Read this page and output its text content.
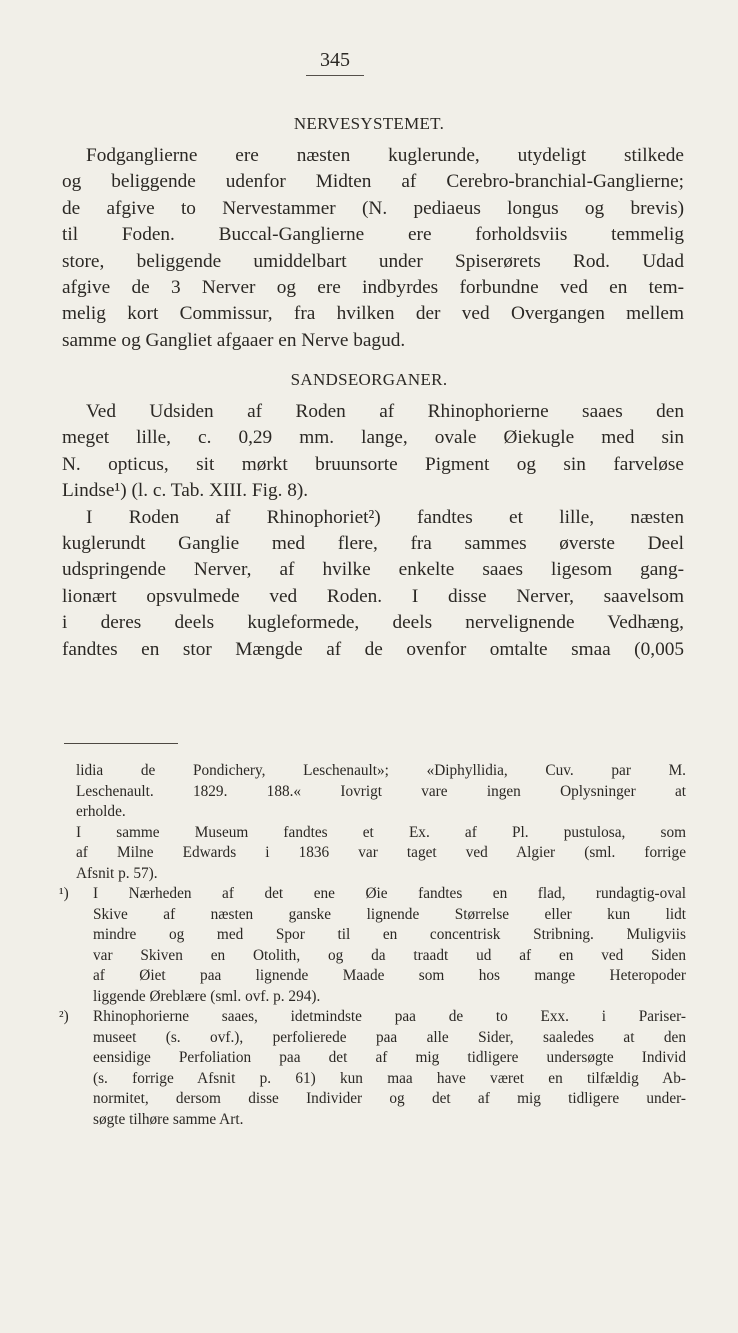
345
NERVESYSTEMET.
Fodganglierne ere næsten kuglerunde, utydeligt stilkede
og beliggende udenfor Midten af Cerebro-branchial-Ganglierne;
de afgive to Nervestammer (N. pediaeus longus og brevis)
til Foden. Buccal-Ganglierne ere forholdsviis temmelig
store, beliggende umiddelbart under Spiserørets Rod. Udad
afgive de 3 Nerver og ere indbyrdes forbundne ved en tem-
melig kort Commissur, fra hvilken der ved Overgangen mellem
samme og Gangliet afgaaer en Nerve bagud.
SANDSEORGANER.
Ved Udsiden af Roden af Rhinophorierne saaes den
meget lille, c. 0,29 mm. lange, ovale Øiekugle med sin
N. opticus, sit mørkt bruunsorte Pigment og sin farveløse
Lindse¹) (l. c. Tab. XIII. Fig. 8).
I Roden af Rhinophoriet²) fandtes et lille, næsten
kuglerundt Ganglie med flere, fra sammes øverste Deel
udspringende Nerver, af hvilke enkelte saaes ligesom gang-
lionært opsvulmede ved Roden. I disse Nerver, saavelsom
i deres deels kugleformede, deels nervelignende Vedhæng,
fandtes en stor Mængde af de ovenfor omtalte smaa (0,005
lidia de Pondichery, Leschenault»; «Diphyllidia, Cuv. par M.
Leschenault. 1829. 188.« Iovrigt vare ingen Oplysninger at
erholde.
I samme Museum fandtes et Ex. af Pl. pustulosa, som
af Milne Edwards i 1836 var taget ved Algier (sml. forrige
Afsnit p. 57).
¹) I Nærheden af det ene Øie fandtes en flad, rundagtig-oval
Skive af næsten ganske lignende Størrelse eller kun lidt
mindre og med Spor til en concentrisk Stribning. Muligviis
var Skiven en Otolith, og da traadt ud af en ved Siden
af Øiet paa lignende Maade som hos mange Heteropoder
liggende Øreblære (sml. ovf. p. 294).
²) Rhinophorierne saaes, idetmindste paa de to Exx. i Pariser-
museet (s. ovf.), perfolierede paa alle Sider, saaledes at den
eensidige Perfoliation paa det af mig tidligere undersøgte Individ
(s. forrige Afsnit p. 61) kun maa have været en tilfældig Ab-
normitet, dersom disse Individer og det af mig tidligere under-
søgte tilhøre samme Art.
